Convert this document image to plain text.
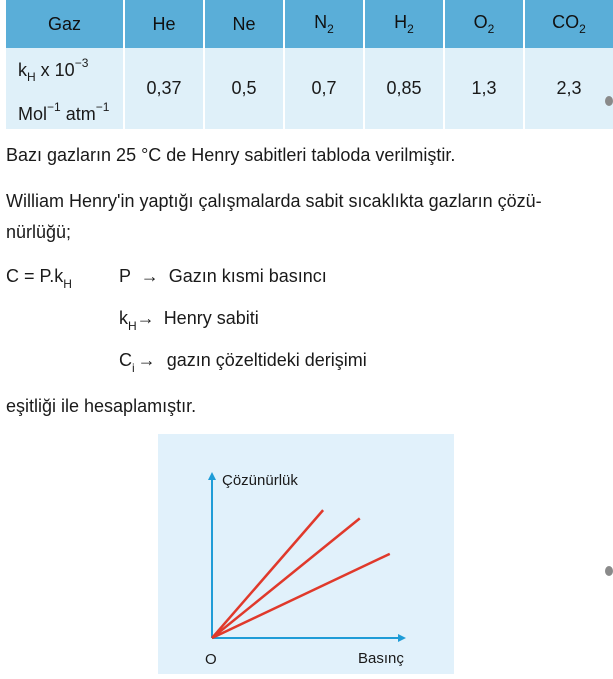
Gaz	He	Ne	$N_2$	$H_2$	$O_2$	$CO_2$

$k_H$ x $10^{-3}$
Mol$^{-1}$ atm$^{-1}$	0,37	0,5	0,7	0,85	1,3	2,3
Bazı gazların 25 °C de Henry sabitleri tabloda verilmiştir.
William Henry'in yaptığı çalışmalarda sabit sıcaklıkta gazların çözü-
nürlüğü;
$C = P.k_H$	P → Gazın kısmi basıncı
$k_H\to$ Henry sabiti
$C_i$ → gazın çözeltideki derişimi
eşitliği ile hesaplamıştır.
Çözünürlük
Basınç
O
